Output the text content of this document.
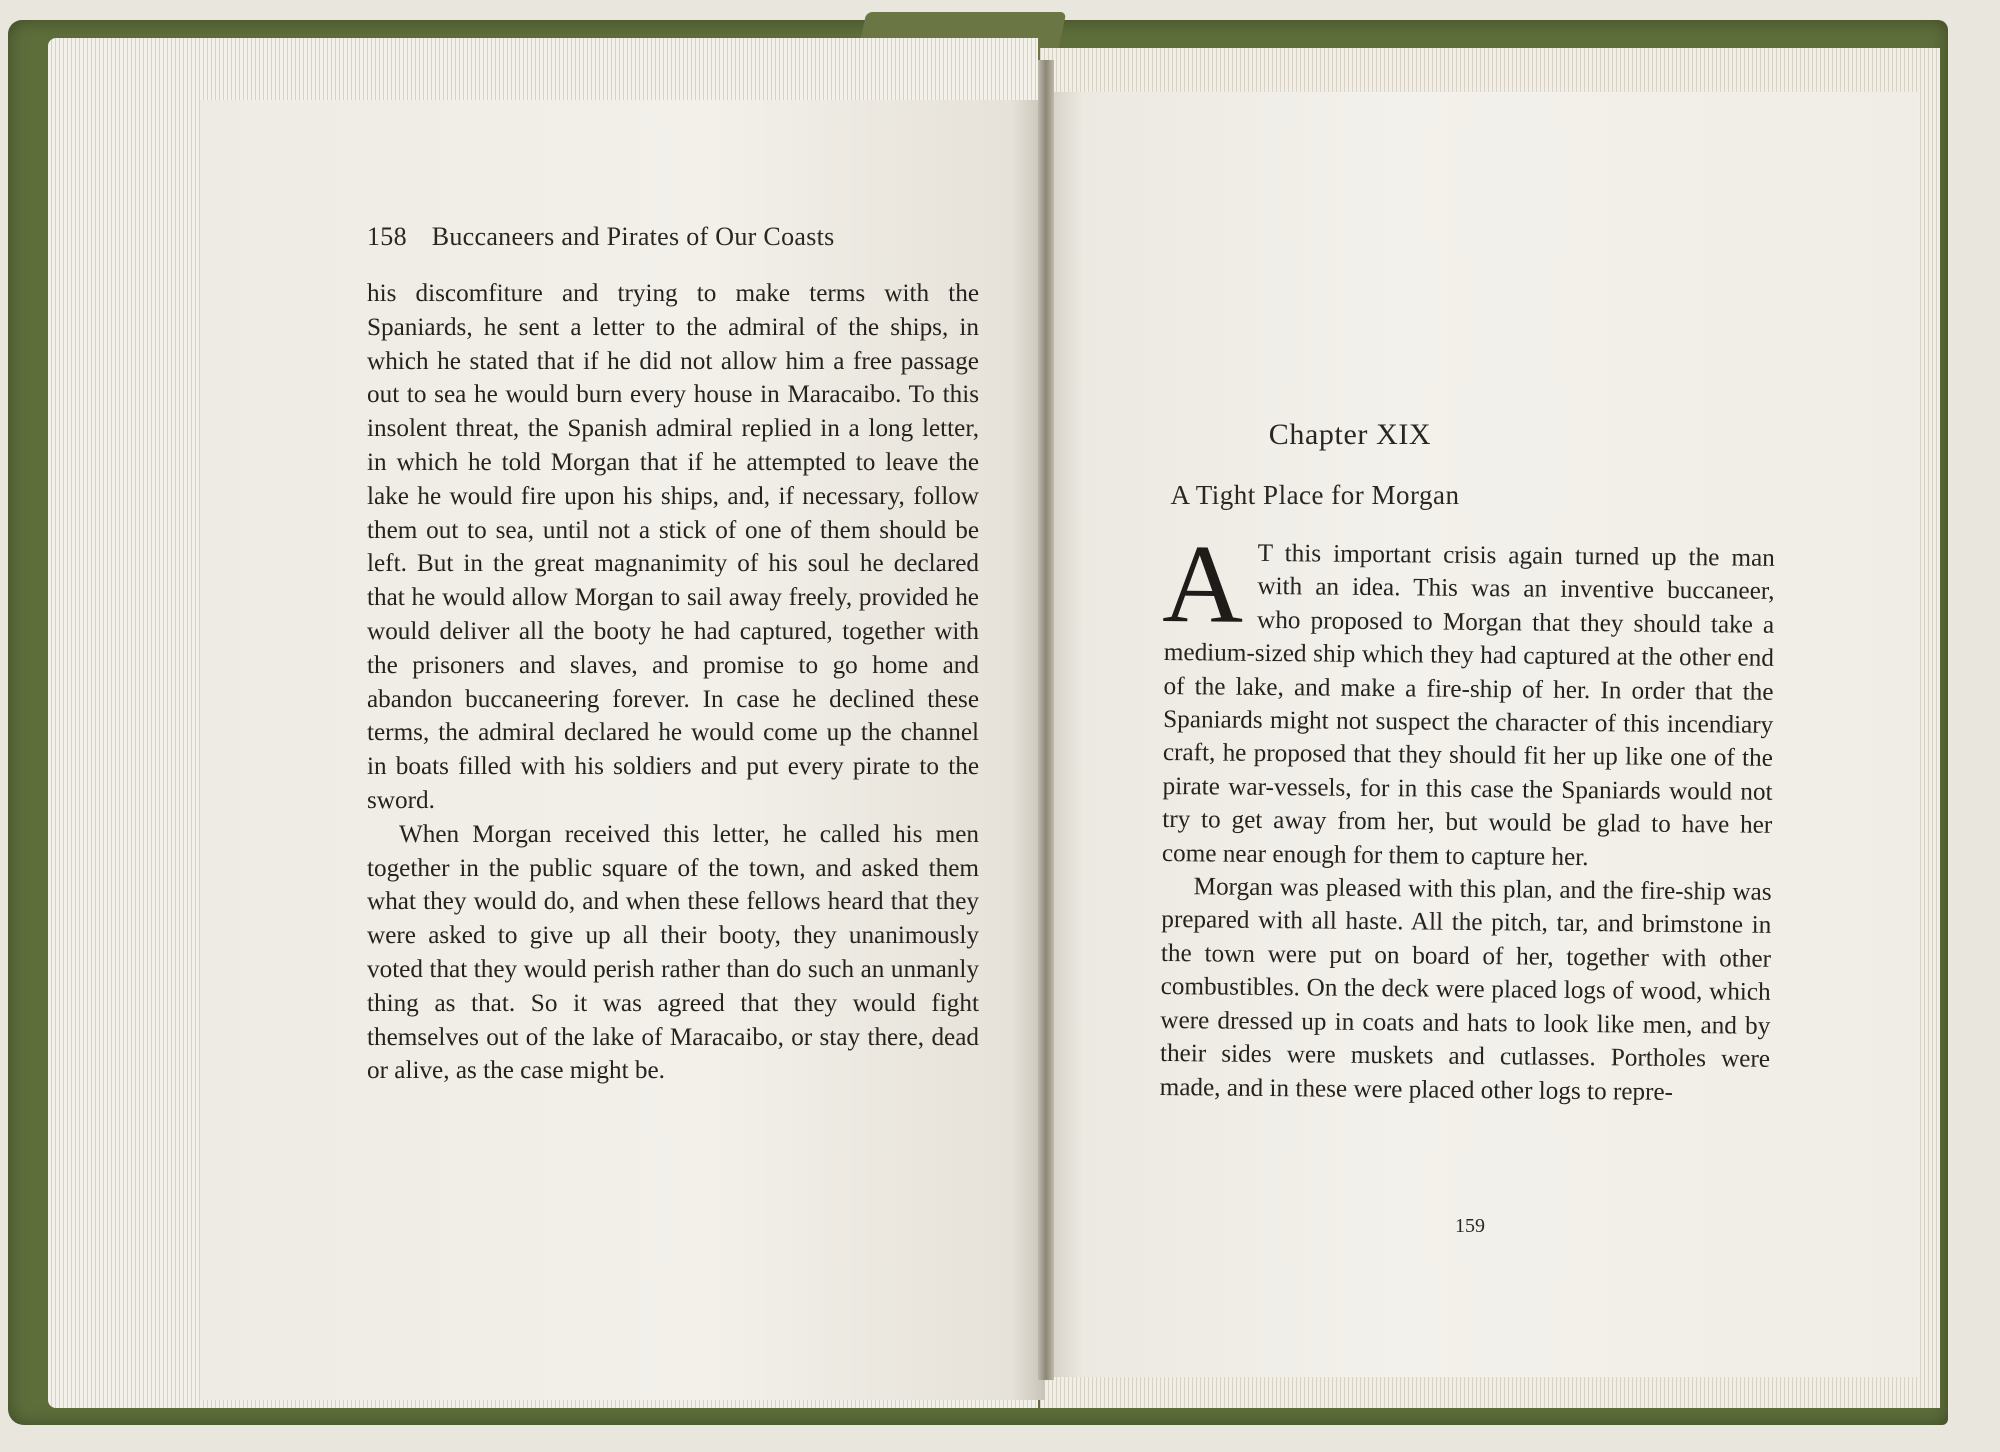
158 Buccaneers and Pirates of Our Coasts

his discomfiture and trying to make terms with the Spaniards, he sent a letter to the admiral of the ships, in which he stated that if he did not allow him a free passage out to sea he would burn every house in Maracaibo. To this insolent threat, the Spanish admiral replied in a long letter, in which he told Morgan that if he attempted to leave the lake he would fire upon his ships, and, if necessary, follow them out to sea, until not a stick of one of them should be left. But in the great magnanimity of his soul he declared that he would allow Morgan to sail away freely, provided he would deliver all the booty he had captured, together with the prisoners and slaves, and promise to go home and abandon buccaneering forever. In case he declined these terms, the admiral declared he would come up the channel in boats filled with his soldiers and put every pirate to the sword.

When Morgan received this letter, he called his men together in the public square of the town, and asked them what they would do, and when these fellows heard that they were asked to give up all their booty, they unanimously voted that they would perish rather than do such an unmanly thing as that. So it was agreed that they would fight themselves out of the lake of Maracaibo, or stay there, dead or alive, as the case might be.

Chapter XIX
A Tight Place for Morgan

A T this important crisis again turned up the man with an idea. This was an inventive buccaneer, who proposed to Morgan that they should take a medium-sized ship which they had captured at the other end of the lake, and make a fire-ship of her. In order that the Spaniards might not suspect the character of this incendiary craft, he proposed that they should fit her up like one of the pirate war-vessels, for in this case the Spaniards would not try to get away from her, but would be glad to have her come near enough for them to capture her.

Morgan was pleased with this plan, and the fire-ship was prepared with all haste. All the pitch, tar, and brimstone in the town were put on board of her, together with other combustibles. On the deck were placed logs of wood, which were dressed up in coats and hats to look like men, and by their sides were muskets and cutlasses. Portholes were made, and in these were placed other logs to repre-

159
